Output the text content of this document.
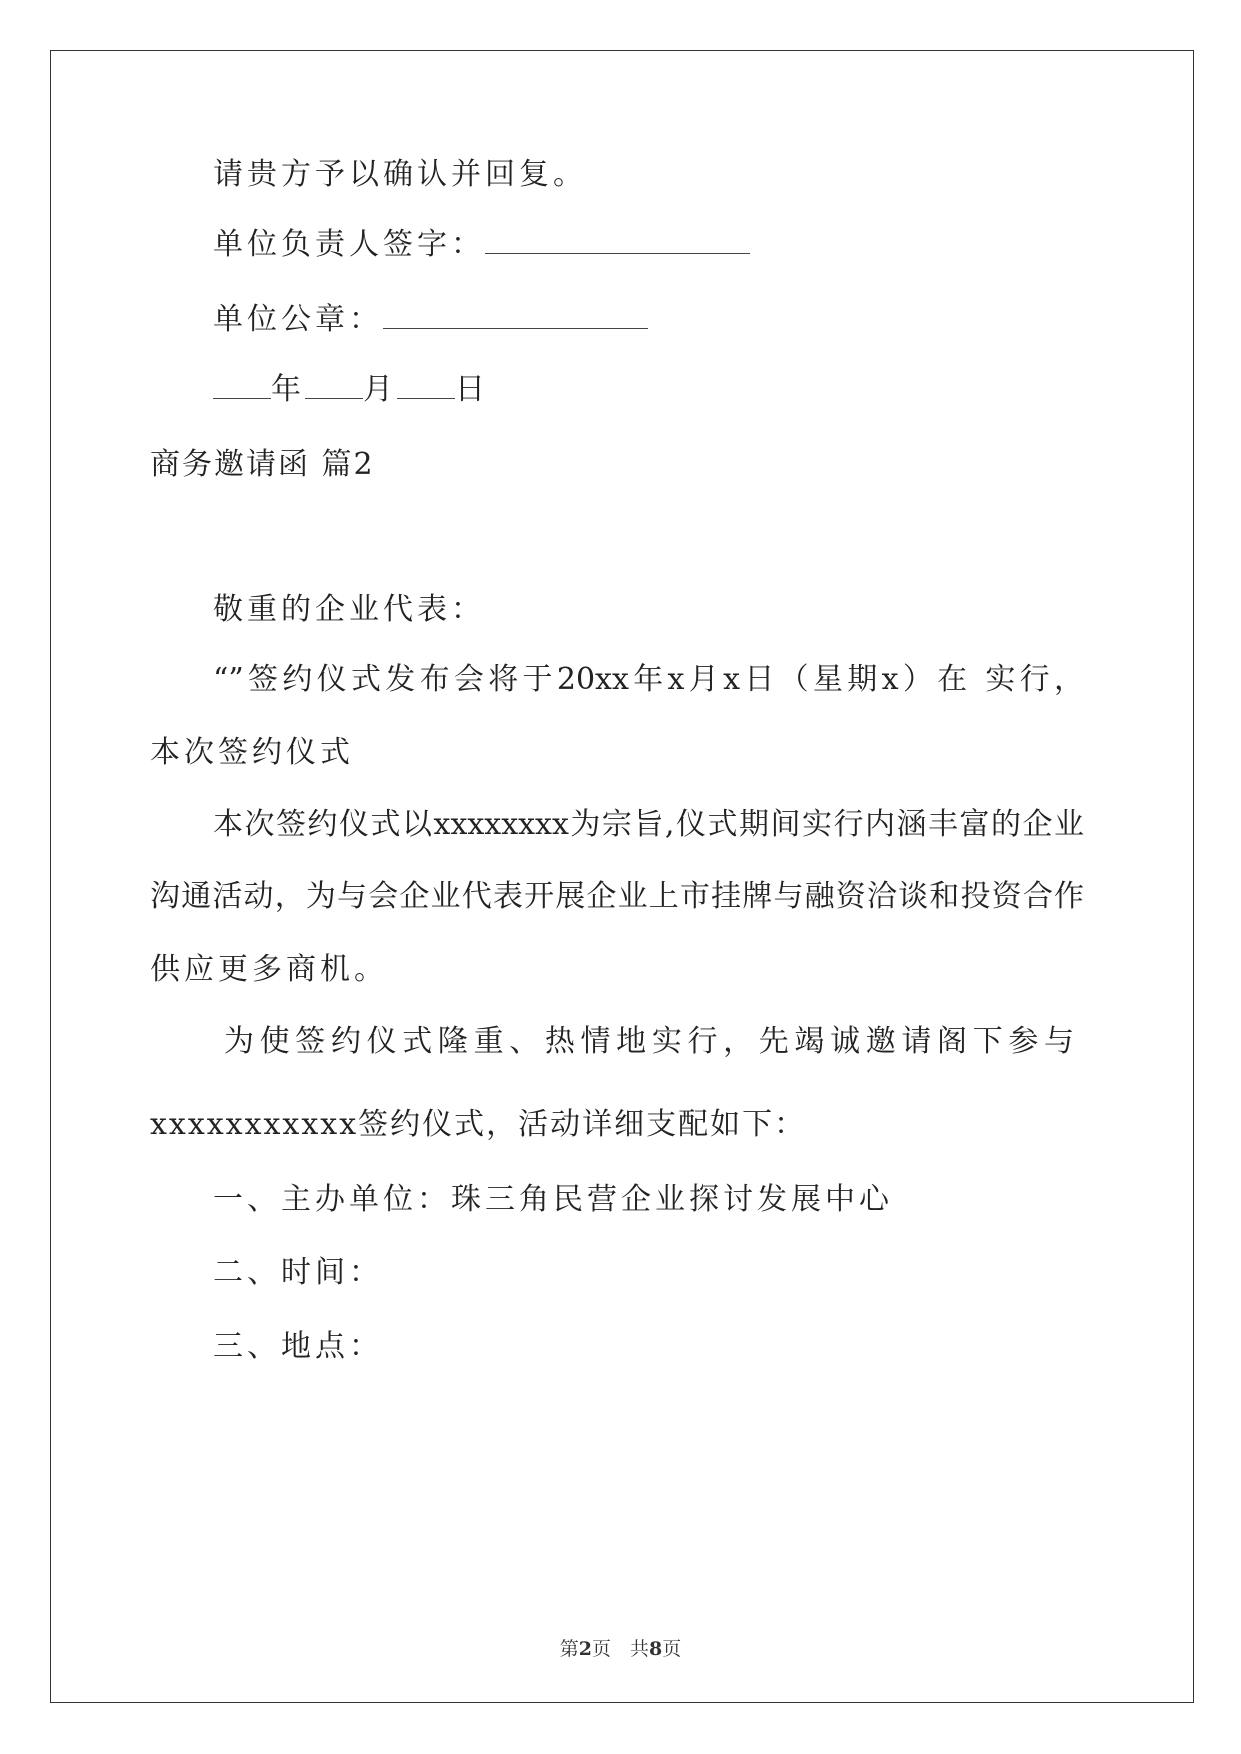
请贵方予以确认并回复。
单位负责人签字：
单位公章：
年 月 日
商务邀请函 篇2
敬重的企业代表：
“”签约仪式发布会将于20xx年x月x日（星期x）在 实行，
本次签约仪式
本次签约仪式以xxxxxxxx为宗旨,仪式期间实行内涵丰富的企业
沟通活动，为与会企业代表开展企业上市挂牌与融资洽谈和投资合作
供应更多商机。
为使签约仪式隆重、热情地实行，先竭诚邀请阁下参与
xxxxxxxxxxx签约仪式，活动详细支配如下：
一、主办单位：珠三角民营企业探讨发展中心
二、时间：
三、地点：
第2页　共8页
